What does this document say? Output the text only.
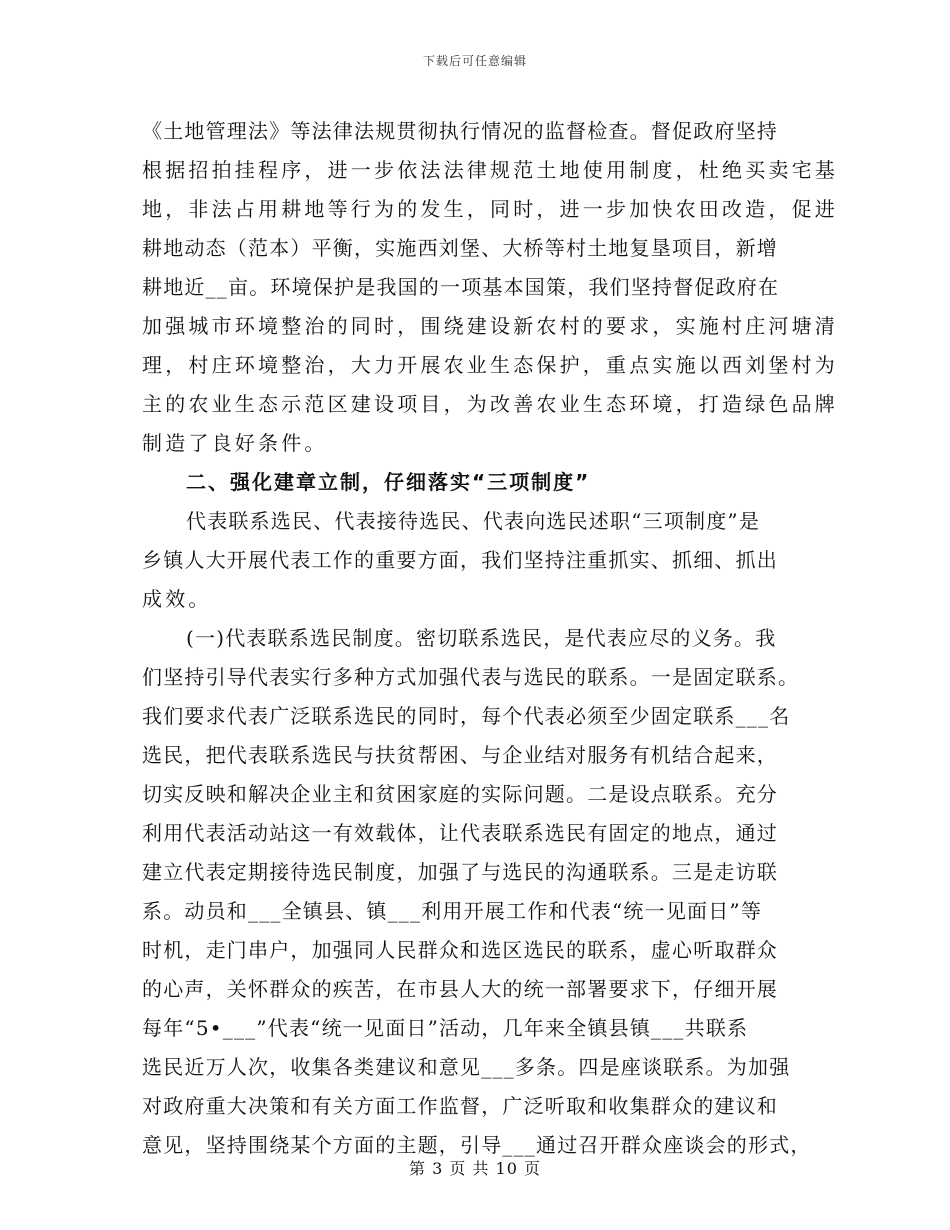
下载后可任意编辑
《土地管理法》等法律法规贯彻执行情况的监督检查。督促政府坚持
根据招拍挂程序，进一步依法法律规范土地使用制度，杜绝买卖宅基
地，非法占用耕地等行为的发生，同时，进一步加快农田改造，促进
耕地动态（范本）平衡，实施西刘堡、大桥等村土地复垦项目，新增
耕地近__亩。环境保护是我国的一项基本国策，我们坚持督促政府在
加强城市环境整治的同时，围绕建设新农村的要求，实施村庄河塘清
理，村庄环境整治，大力开展农业生态保护，重点实施以西刘堡村为
主的农业生态示范区建设项目，为改善农业生态环境，打造绿色品牌
制造了良好条件。
二、强化建章立制，仔细落实“三项制度”
代表联系选民、代表接待选民、代表向选民述职“三项制度”是
乡镇人大开展代表工作的重要方面，我们坚持注重抓实、抓细、抓出
成效。
(一)代表联系选民制度。密切联系选民，是代表应尽的义务。我
们坚持引导代表实行多种方式加强代表与选民的联系。一是固定联系。
我们要求代表广泛联系选民的同时，每个代表必须至少固定联系___名
选民，把代表联系选民与扶贫帮困、与企业结对服务有机结合起来，
切实反映和解决企业主和贫困家庭的实际问题。二是设点联系。充分
利用代表活动站这一有效载体，让代表联系选民有固定的地点，通过
建立代表定期接待选民制度，加强了与选民的沟通联系。三是走访联
系。动员和___全镇县、镇___利用开展工作和代表“统一见面日”等
时机，走门串户，加强同人民群众和选区选民的联系，虚心听取群众
的心声，关怀群众的疾苦，在市县人大的统一部署要求下，仔细开展
每年“5•___”代表“统一见面日”活动，几年来全镇县镇___共联系
选民近万人次，收集各类建议和意见___多条。四是座谈联系。为加强
对政府重大决策和有关方面工作监督，广泛听取和收集群众的建议和
意见，坚持围绕某个方面的主题，引导___通过召开群众座谈会的形式，
第 3 页 共 10 页
